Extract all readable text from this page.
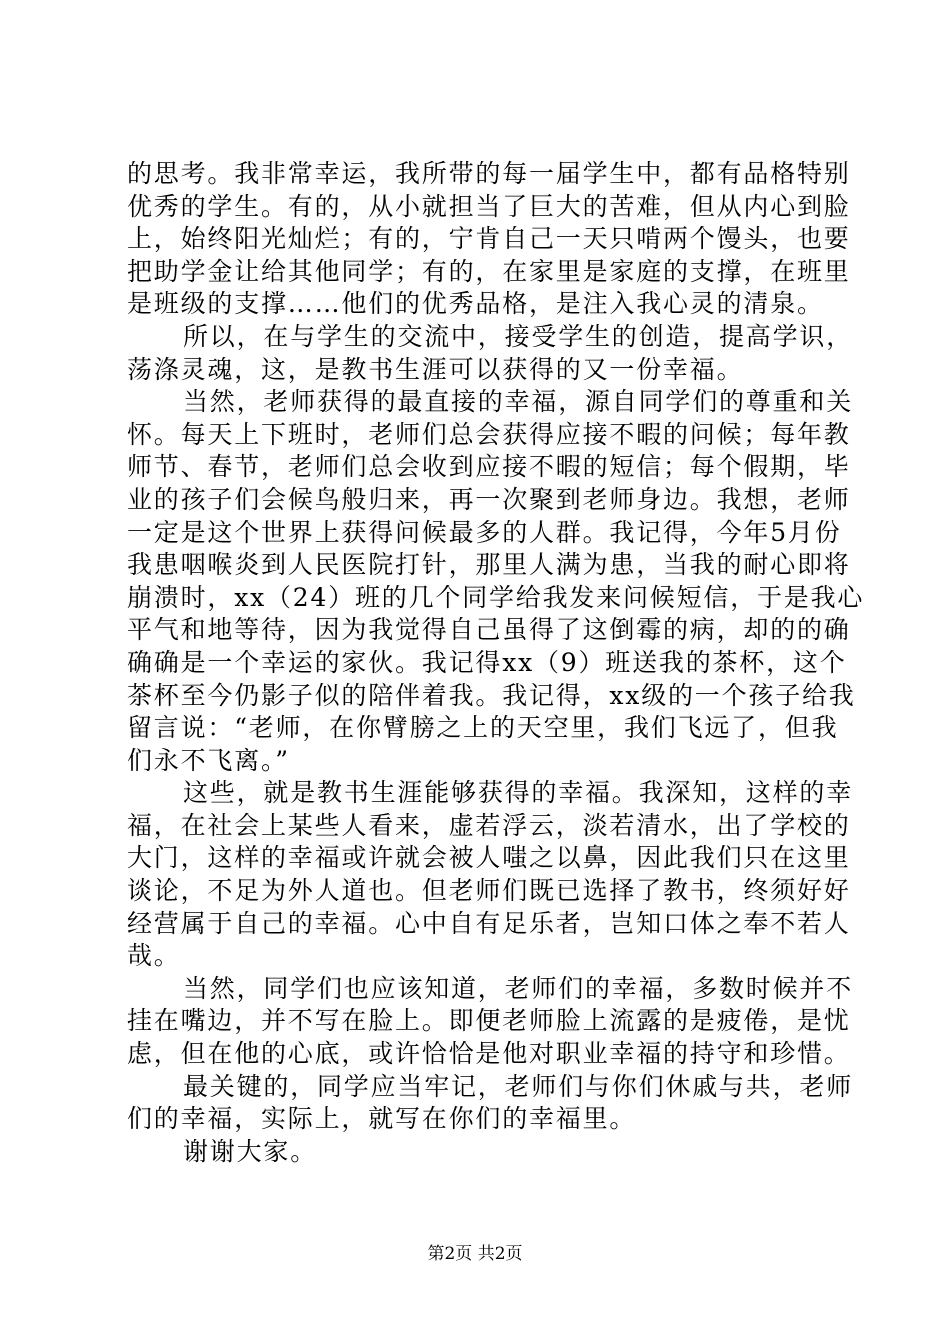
的思考。我非常幸运，我所带的每一届学生中，都有品格特别
优秀的学生。有的，从小就担当了巨大的苦难，但从内心到脸
上，始终阳光灿烂；有的，宁肯自己一天只啃两个馒头，也要
把助学金让给其他同学；有的，在家里是家庭的支撑，在班里
是班级的支撑……他们的优秀品格，是注入我心灵的清泉。
所以，在与学生的交流中，接受学生的创造，提高学识，
荡涤灵魂，这，是教书生涯可以获得的又一份幸福。
当然，老师获得的最直接的幸福，源自同学们的尊重和关
怀。每天上下班时，老师们总会获得应接不暇的问候；每年教
师节、春节，老师们总会收到应接不暇的短信；每个假期，毕
业的孩子们会候鸟般归来，再一次聚到老师身边。我想，老师
一定是这个世界上获得问候最多的人群。我记得，今年5月份
我患咽喉炎到人民医院打针，那里人满为患，当我的耐心即将
崩溃时，xx（24）班的几个同学给我发来问候短信，于是我心
平气和地等待，因为我觉得自己虽得了这倒霉的病，却的的确
确确是一个幸运的家伙。我记得xx（9）班送我的茶杯，这个
茶杯至今仍影子似的陪伴着我。我记得，xx级的一个孩子给我
留言说：“老师，在你臂膀之上的天空里，我们飞远了，但我
们永不飞离。”
这些，就是教书生涯能够获得的幸福。我深知，这样的幸
福，在社会上某些人看来，虚若浮云，淡若清水，出了学校的
大门，这样的幸福或许就会被人嗤之以鼻，因此我们只在这里
谈论，不足为外人道也。但老师们既已选择了教书，终须好好
经营属于自己的幸福。心中自有足乐者，岂知口体之奉不若人
哉。
当然，同学们也应该知道，老师们的幸福，多数时候并不
挂在嘴边，并不写在脸上。即便老师脸上流露的是疲倦，是忧
虑，但在他的心底，或许恰恰是他对职业幸福的持守和珍惜。
最关键的，同学应当牢记，老师们与你们休戚与共，老师
们的幸福，实际上，就写在你们的幸福里。
谢谢大家。
第2页 共2页
